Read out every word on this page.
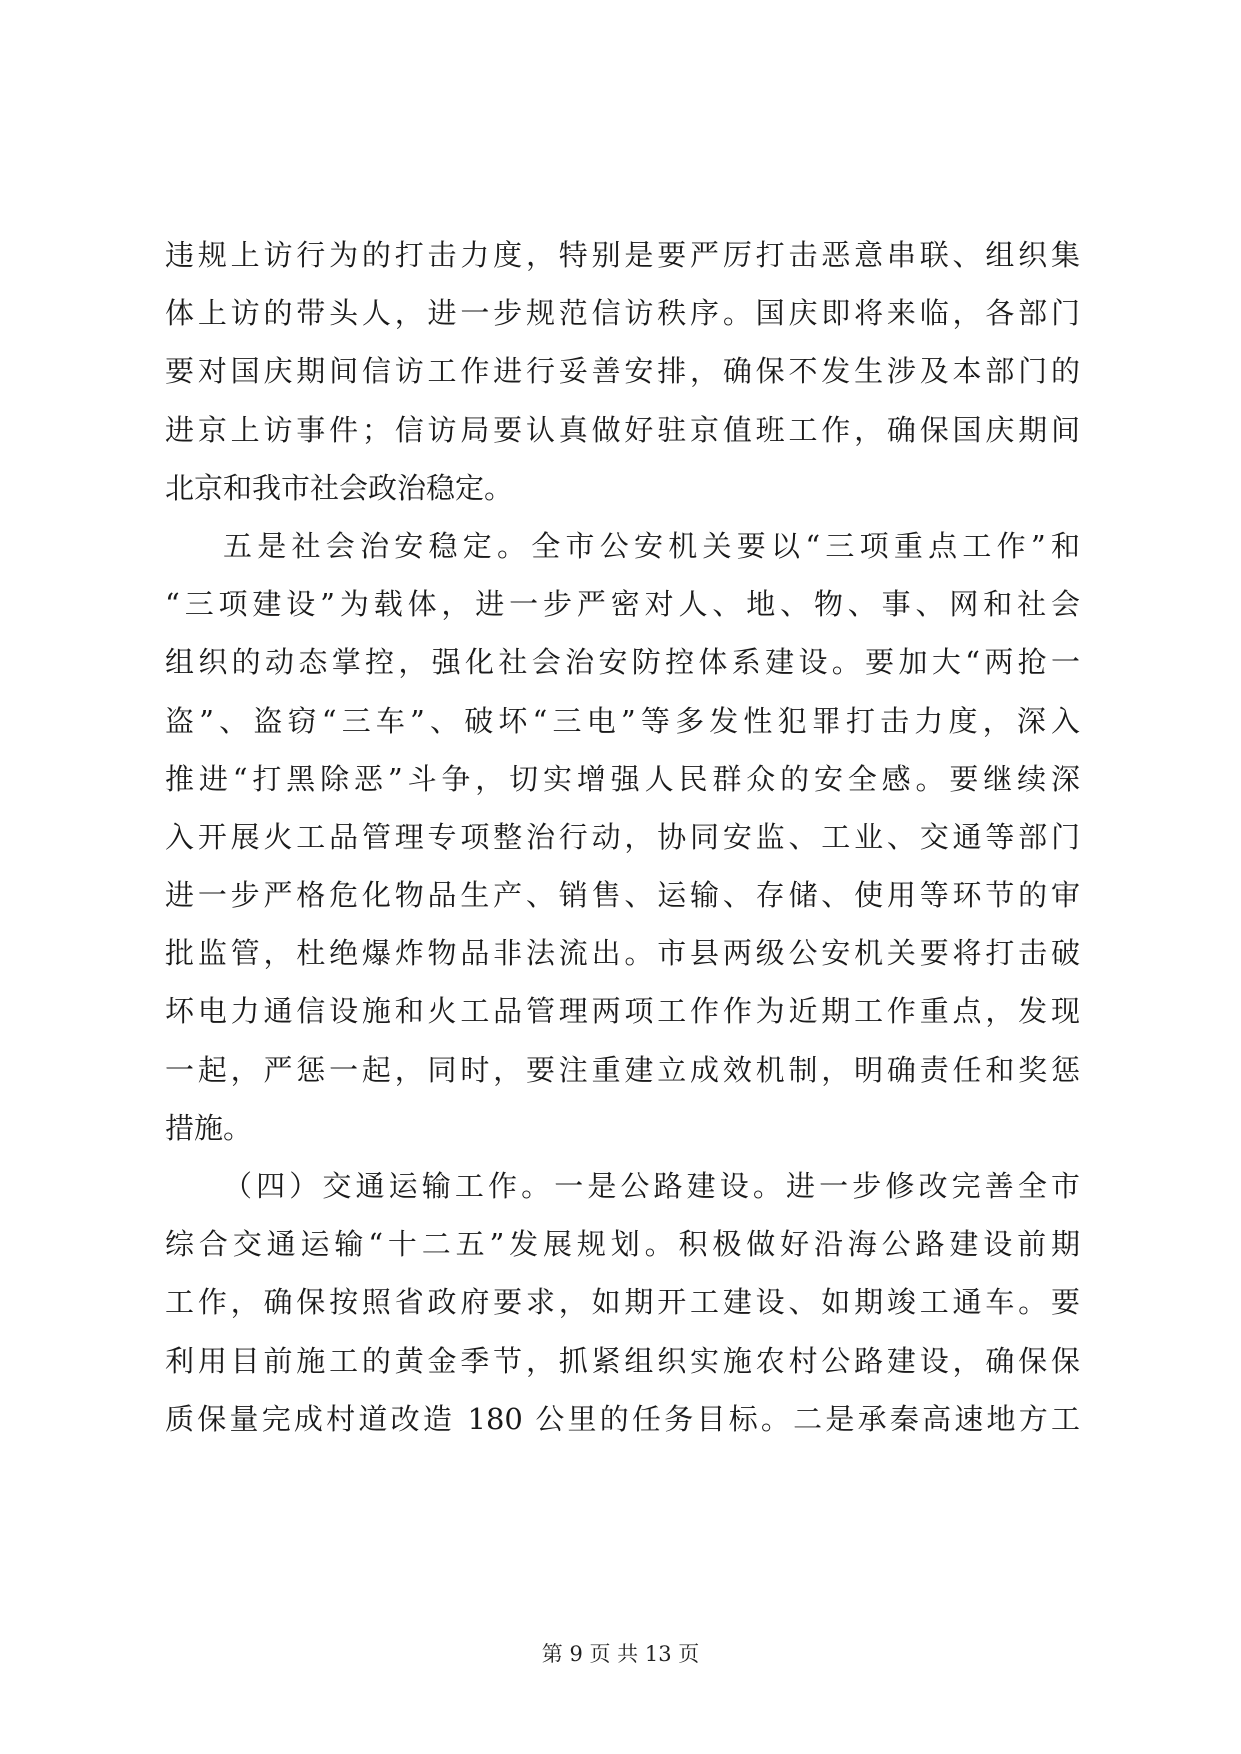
违规上访行为的打击力度，特别是要严厉打击恶意串联、组织集
体上访的带头人，进一步规范信访秩序。国庆即将来临，各部门
要对国庆期间信访工作进行妥善安排，确保不发生涉及本部门的
进京上访事件；信访局要认真做好驻京值班工作，确保国庆期间
北京和我市社会政治稳定。
五是社会治安稳定。全市公安机关要以“三项重点工作”和
“三项建设”为载体，进一步严密对人、地、物、事、网和社会
组织的动态掌控，强化社会治安防控体系建设。要加大“两抢一
盗”、盗窃“三车”、破坏“三电”等多发性犯罪打击力度，深入
推进“打黑除恶”斗争，切实增强人民群众的安全感。要继续深
入开展火工品管理专项整治行动，协同安监、工业、交通等部门
进一步严格危化物品生产、销售、运输、存储、使用等环节的审
批监管，杜绝爆炸物品非法流出。市县两级公安机关要将打击破
坏电力通信设施和火工品管理两项工作作为近期工作重点，发现
一起，严惩一起，同时，要注重建立成效机制，明确责任和奖惩
措施。
（四）交通运输工作。一是公路建设。进一步修改完善全市
综合交通运输“十二五”发展规划。积极做好沿海公路建设前期
工作，确保按照省政府要求，如期开工建设、如期竣工通车。要
利用目前施工的黄金季节，抓紧组织实施农村公路建设，确保保
质保量完成村道改造 180 公里的任务目标。二是承秦高速地方工
第 9 页 共 13 页
